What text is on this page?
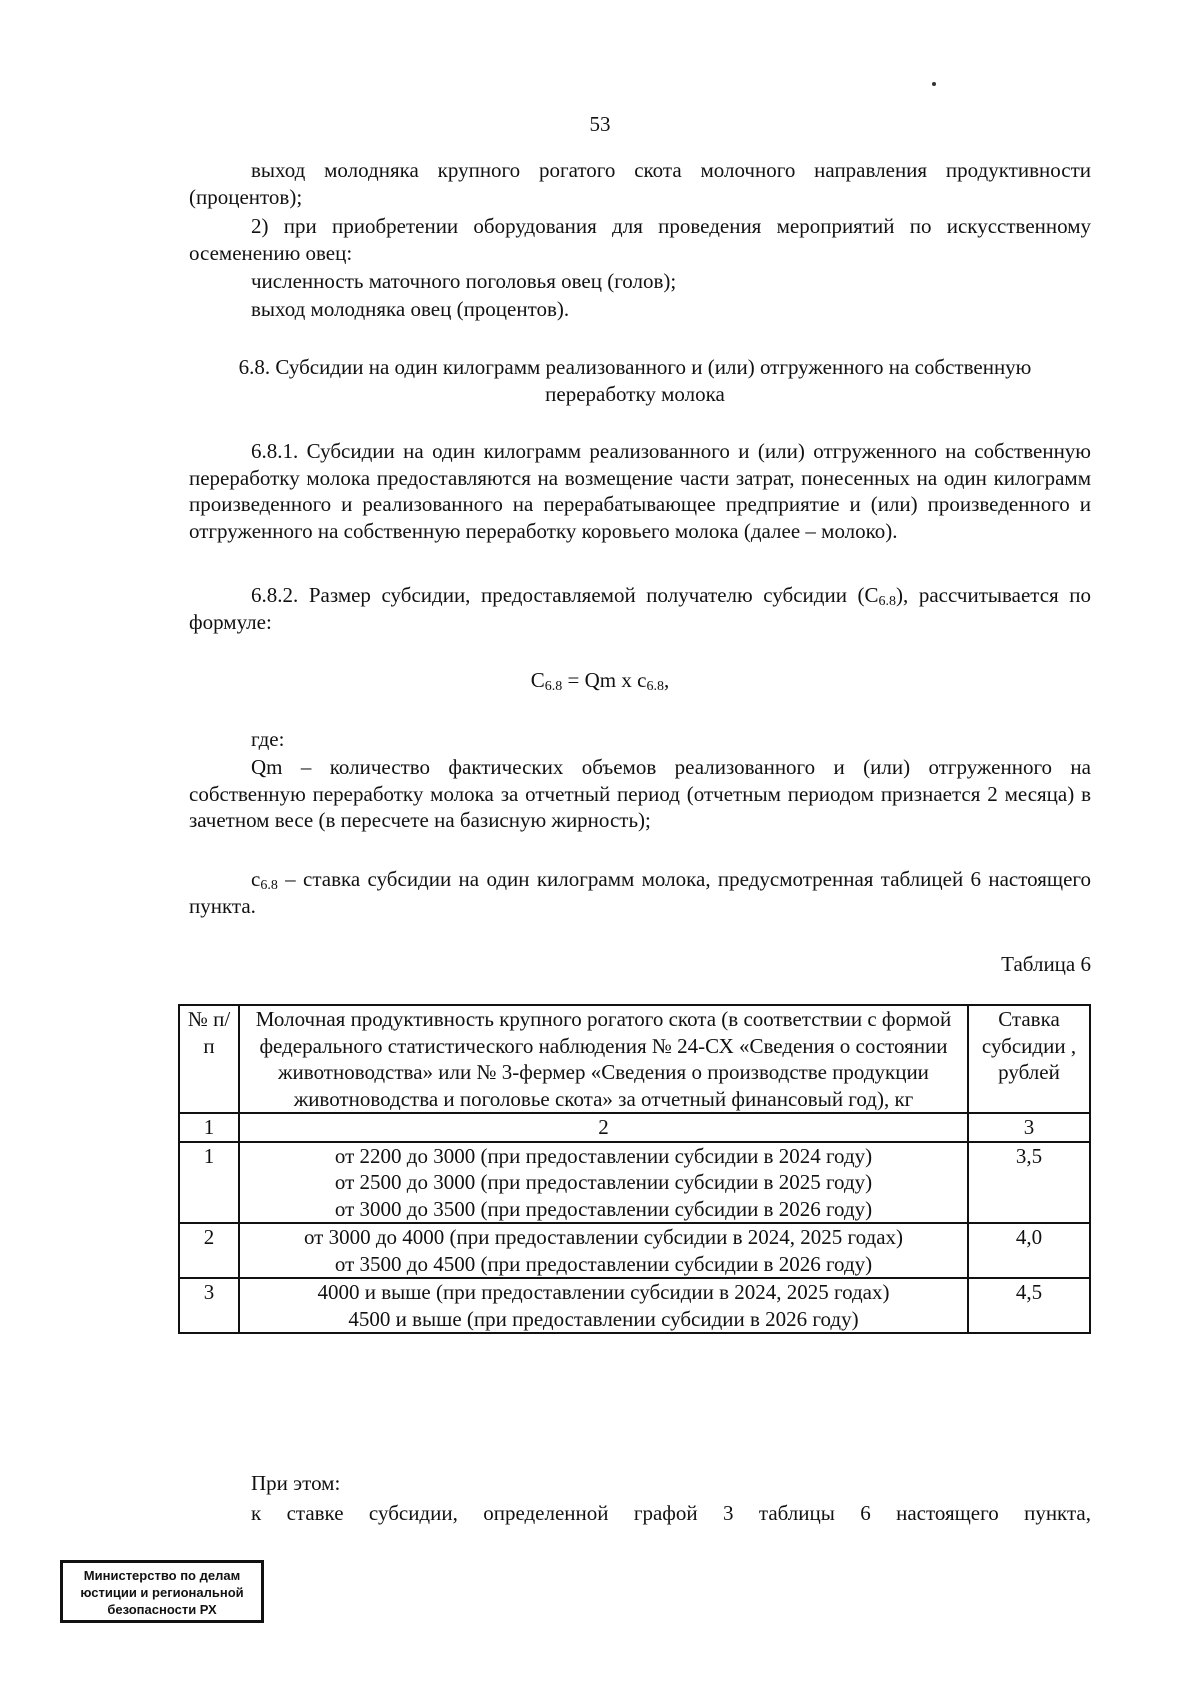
53
выход молодняка крупного рогатого скота молочного направления продуктивности (процентов);
2) при приобретении оборудования для проведения мероприятий по искусственному осеменению овец:
численность маточного поголовья овец (голов);
выход молодняка овец (процентов).
6.8. Субсидии на один килограмм реализованного и (или) отгруженного на собственную переработку молока
6.8.1. Субсидии на один килограмм реализованного и (или) отгруженного на собственную переработку молока предоставляются на возмещение части затрат, понесенных на один килограмм произведенного и реализованного на перерабатывающее предприятие и (или) произведенного и отгруженного на собственную переработку коровьего молока (далее – молоко).
6.8.2. Размер субсидии, предоставляемой получателю субсидии $(С_{6.8})$, рассчитывается по формуле:
$С_{6.8} = Qm$ x $с_{6.8}$,
где:
Qm – количество фактических объемов реализованного и (или) отгруженного на собственную переработку молока за отчетный период (отчетным периодом признается 2 месяца) в зачетном весе (в пересчете на базисную жирность);
$с_{6.8}$ – ставка субсидии на один килограмм молока, предусмотренная таблицей 6 настоящего пункта.
Таблица 6
№ п/п	Молочная продуктивность крупного рогатого скота (в соответствии с формой федерального статистического наблюдения № 24-СХ «Сведения о состоянии животноводства» или № 3-фермер «Сведения о производстве продукции животноводства и поголовье скота» за отчетный финансовый год), кг	Ставка субсидии , рублей
1	2	3
1	от 2200 до 3000 (при предоставлении субсидии в 2024 году)
от 2500 до 3000 (при предоставлении субсидии в 2025 году)
от 3000 до 3500 (при предоставлении субсидии в 2026 году)	3,5
2	от 3000 до 4000 (при предоставлении субсидии в 2024, 2025 годах)
от 3500 до 4500 (при предоставлении субсидии в 2026 году)	4,0
3	4000 и выше (при предоставлении субсидии в 2024, 2025 годах)
4500 и выше (при предоставлении субсидии в 2026 году)	4,5
При этом:
к ставке субсидии, определенной графой 3 таблицы 6 настоящего пункта,
Министерство по делам
юстиции и региональной
безопасности РХ
